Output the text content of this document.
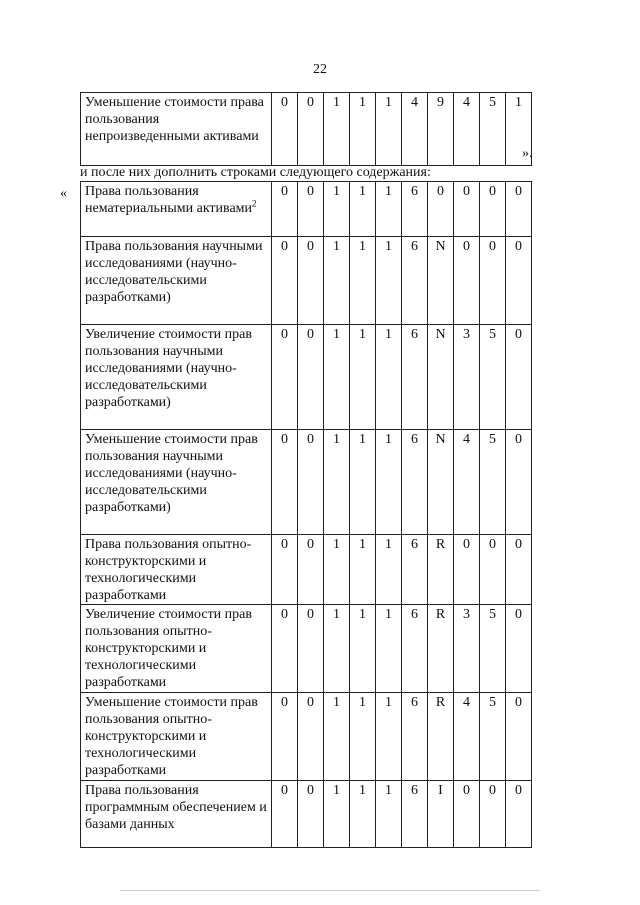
22
Уменьшение стоимости права пользования непроизведенными активами	0	0	1	1	1	4	9	4	5	1
».
и после них дополнить строками следующего содержания:
« Права пользования нематериальными активами$^2$	0	0	1	1	1	6	0	0	0	0
Права пользования научными исследованиями (научно-исследовательскими разработками)	0	0	1	1	1	6	N	0	0	0
Увеличение стоимости прав пользования научными исследованиями (научно-исследовательскими разработками)	0	0	1	1	1	6	N	3	5	0
Уменьшение стоимости прав пользования научными исследованиями (научно-исследовательскими разработками)	0	0	1	1	1	6	N	4	5	0
Права пользования опытно-конструкторскими и технологическими разработками	0	0	1	1	1	6	R	0	0	0
Увеличение стоимости прав пользования опытно-конструкторскими и технологическими разработками	0	0	1	1	1	6	R	3	5	0
Уменьшение стоимости прав пользования опытно-конструкторскими и технологическими разработками	0	0	1	1	1	6	R	4	5	0
Права пользования программным обеспечением и базами данных	0	0	1	1	1	6	I	0	0	0
